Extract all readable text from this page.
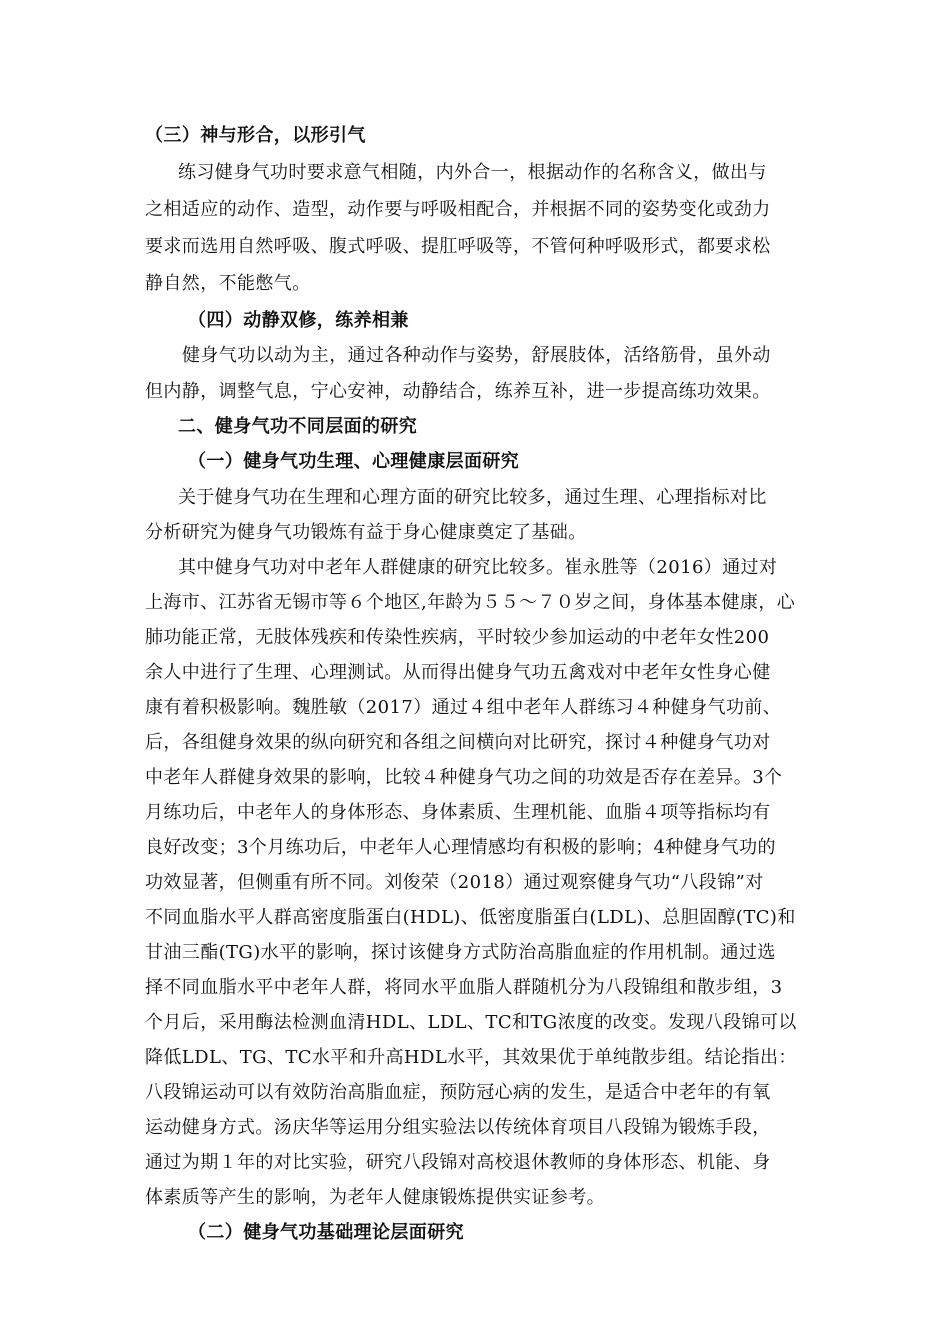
（三）神与形合，以形引气
练习健身气功时要求意气相随，内外合一，根据动作的名称含义，做出与
之相适应的动作、造型，动作要与呼吸相配合，并根据不同的姿势变化或劲力
要求而选用自然呼吸、腹式呼吸、提肛呼吸等，不管何种呼吸形式，都要求松
静自然，不能憋气。
（四）动静双修，练养相兼
健身气功以动为主，通过各种动作与姿势，舒展肢体，活络筋骨，虽外动
但内静，调整气息，宁心安神，动静结合，练养互补，进一步提高练功效果。
二、健身气功不同层面的研究
（一）健身气功生理、心理健康层面研究
关于健身气功在生理和心理方面的研究比较多，通过生理、心理指标对比
分析研究为健身气功锻炼有益于身心健康奠定了基础。
其中健身气功对中老年人群健康的研究比较多。崔永胜等（2016）通过对
上海市、江苏省无锡市等６个地区,年龄为５５～７０岁之间，身体基本健康，心
肺功能正常，无肢体残疾和传染性疾病，平时较少参加运动的中老年女性200
余人中进行了生理、心理测试。从而得出健身气功五禽戏对中老年女性身心健
康有着积极影响。魏胜敏（2017）通过４组中老年人群练习４种健身气功前、
后，各组健身效果的纵向研究和各组之间横向对比研究，探讨４种健身气功对
中老年人群健身效果的影响，比较４种健身气功之间的功效是否存在差异。3个
月练功后，中老年人的身体形态、身体素质、生理机能、血脂４项等指标均有
良好改变；3个月练功后，中老年人心理情感均有积极的影响；4种健身气功的
功效显著，但侧重有所不同。刘俊荣（2018）通过观察健身气功“八段锦”对
不同血脂水平人群高密度脂蛋白(HDL)、低密度脂蛋白(LDL)、总胆固醇(TC)和
甘油三酯(TG)水平的影响，探讨该健身方式防治高脂血症的作用机制。通过选
择不同血脂水平中老年人群，将同水平血脂人群随机分为八段锦组和散步组，3
个月后，采用酶法检测血清HDL、LDL、TC和TG浓度的改变。发现八段锦可以
降低LDL、TG、TC水平和升高HDL水平，其效果优于单纯散步组。结论指出：
八段锦运动可以有效防治高脂血症，预防冠心病的发生，是适合中老年的有氧
运动健身方式。汤庆华等运用分组实验法以传统体育项目八段锦为锻炼手段，
通过为期１年的对比实验，研究八段锦对高校退休教师的身体形态、机能、身
体素质等产生的影响，为老年人健康锻炼提供实证参考。
（二）健身气功基础理论层面研究
